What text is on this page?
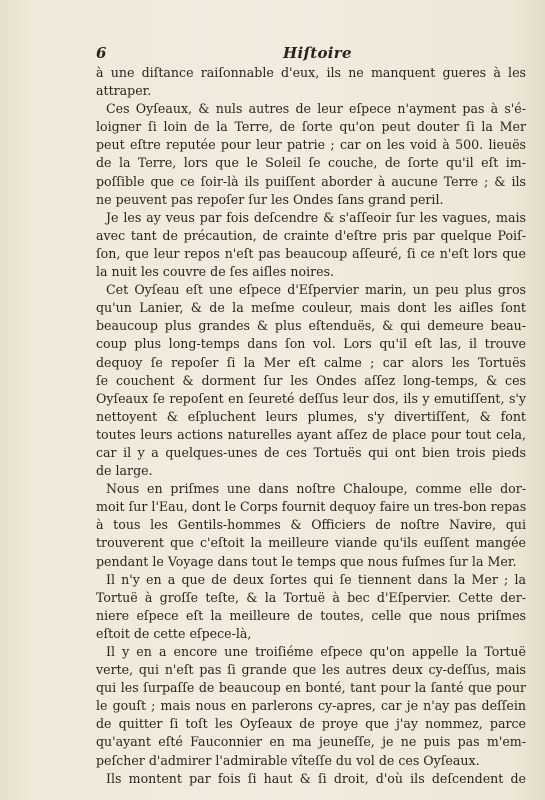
6	Hiſtoire
à une diſtance raiſonnable d'eux, ils ne manquent gueres à les
attraper.
Ces Oyſeaux, & nuls autres de leur eſpece n'ayment pas à s'é-
loigner ſi loin de la Terre, de ſorte qu'on peut douter ſi la Mer
peut eſtre reputée pour leur patrie ; car on les void à 500. lieuës
de la Terre, lors que le Soleil ſe couche, de ſorte qu'il eſt im-
poſſible que ce ſoir-là ils puiſſent aborder à aucune Terre ; & ils
ne peuvent pas repoſer ſur les Ondes ſans grand peril.
Je les ay veus par fois deſcendre & s'aſſeoir ſur les vagues, mais
avec tant de précaution, de crainte d'eſtre pris par quelque Poiſ-
ſon, que leur repos n'eſt pas beaucoup aſſeuré, ſi ce n'eſt lors que
la nuit les couvre de ſes aiſles noires.
Cet Oyſeau eſt une eſpece d'Eſpervier marin, un peu plus gros
qu'un Lanier, & de la meſme couleur, mais dont les aiſles ſont
beaucoup plus grandes & plus eſtenduës, & qui demeure beau-
coup plus long-temps dans ſon vol. Lors qu'il eſt las, il trouve
dequoy ſe repoſer ſi la Mer eſt calme ; car alors les Tortuës
ſe couchent & dorment ſur les Ondes aſſez long-temps, & ces
Oyſeaux ſe repoſent en ſeureté deſſus leur dos, ils y emutiſſent, s'y
nettoyent & eſpluchent leurs plumes, s'y divertiſſent, & font
toutes leurs actions naturelles ayant aſſez de place pour tout cela,
car il y a quelques-unes de ces Tortuës qui ont bien trois pieds
de large.
Nous en priſmes une dans noſtre Chaloupe, comme elle dor-
moit ſur l'Eau, dont le Corps fournit dequoy faire un tres-bon repas
à tous les Gentils-hommes & Officiers de noſtre Navire, qui
trouverent que c'eſtoit la meilleure viande qu'ils euſſent mangée
pendant le Voyage dans tout le temps que nous fuſmes ſur la Mer.
Il n'y en a que de deux ſortes qui ſe tiennent dans la Mer ; la
Tortuë à groſſe teſte, & la Tortuë à bec d'Eſpervier. Cette der-
niere eſpece eſt la meilleure de toutes, celle que nous priſmes
eſtoit de cette eſpece-là,
Il y en a encore une troiſiéme eſpece qu'on appelle la Tortuë
verte, qui n'eſt pas ſi grande que les autres deux cy-deſſus, mais
qui les ſurpaſſe de beaucoup en bonté, tant pour la ſanté que pour
le gouſt ; mais nous en parlerons cy-apres, car je n'ay pas deſſein
de quitter ſi toſt les Oyſeaux de proye que j'ay nommez, parce
qu'ayant eſté Fauconnier en ma jeuneſſe, je ne puis pas m'em-
peſcher d'admirer l'admirable vîteſſe du vol de ces Oyſeaux.
Ils montent par fois ſi haut & ſi droit, d'où ils deſcendent de
